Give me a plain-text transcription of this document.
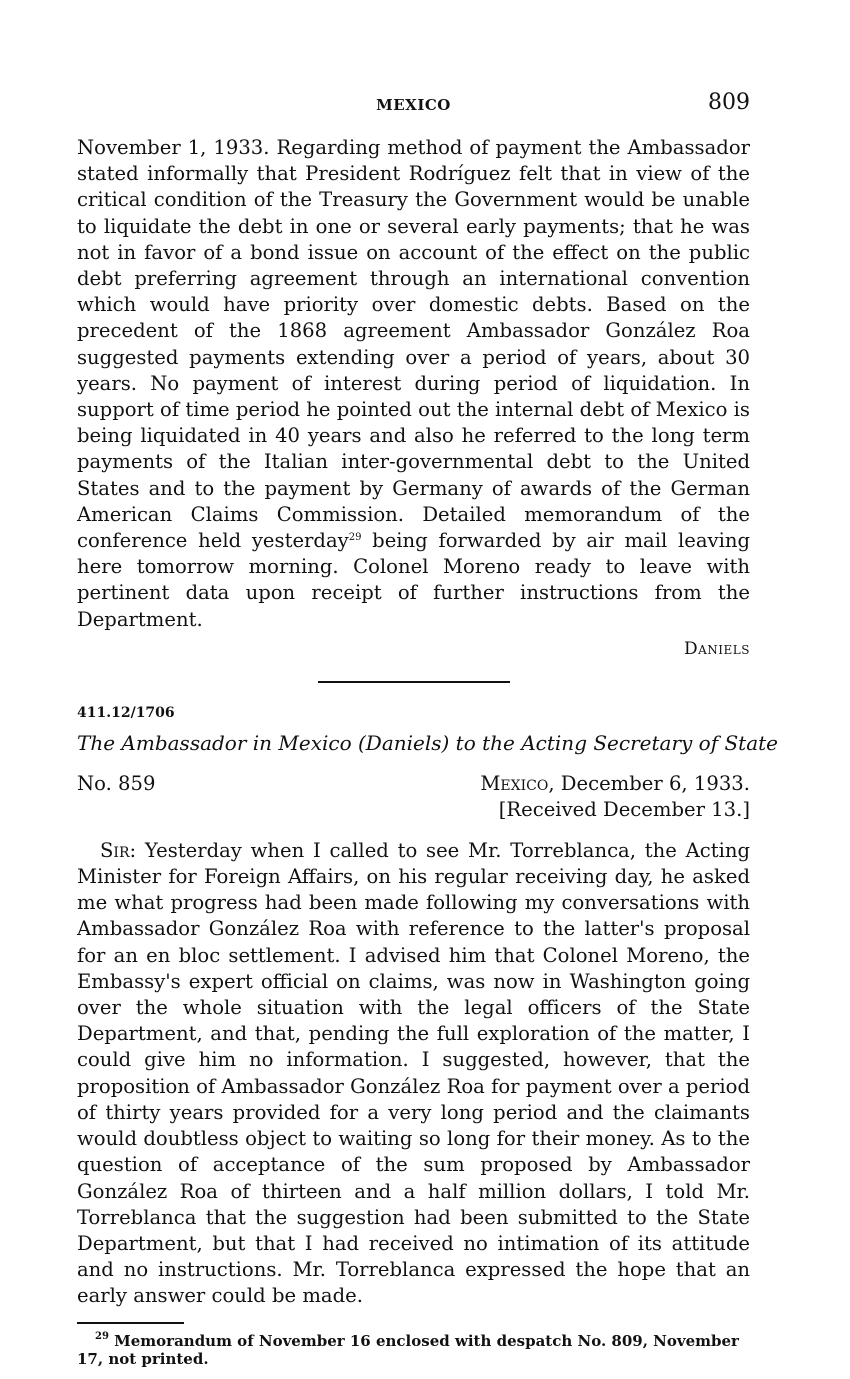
MEXICO	809

November 1, 1933. Regarding method of payment the Ambassador stated informally that President Rodríguez felt that in view of the critical condition of the Treasury the Government would be unable to liquidate the debt in one or several early payments; that he was not in favor of a bond issue on account of the effect on the public debt preferring agreement through an international convention which would have priority over domestic debts. Based on the precedent of the 1868 agreement Ambassador González Roa suggested payments extending over a period of years, about 30 years. No payment of interest during period of liquidation. In support of time period he pointed out the internal debt of Mexico is being liquidated in 40 years and also he referred to the long term payments of the Italian inter-governmental debt to the United States and to the payment by Germany of awards of the German American Claims Commission. Detailed memorandum of the conference held yesterday$^{29}$ being forwarded by air mail leaving here tomorrow morning. Colonel Moreno ready to leave with pertinent data upon receipt of further instructions from the Department.

Daniels
411.12/1706
The Ambassador in Mexico (Daniels) to the Acting Secretary of State
No. 859	Mexico, December 6, 1933.
[Received December 13.]

Sir: Yesterday when I called to see Mr. Torreblanca, the Acting Minister for Foreign Affairs, on his regular receiving day, he asked me what progress had been made following my conversations with Ambassador González Roa with reference to the latter's proposal for an en bloc settlement. I advised him that Colonel Moreno, the Embassy's expert official on claims, was now in Washington going over the whole situation with the legal officers of the State Department, and that, pending the full exploration of the matter, I could give him no information. I suggested, however, that the proposition of Ambassador González Roa for payment over a period of thirty years provided for a very long period and the claimants would doubtless object to waiting so long for their money. As to the question of acceptance of the sum proposed by Ambassador González Roa of thirteen and a half million dollars, I told Mr. Torreblanca that the suggestion had been submitted to the State Department, but that I had received no intimation of its attitude and no instructions. Mr. Torreblanca expressed the hope that an early answer could be made.

$^{29}$ Memorandum of November 16 enclosed with despatch No. 809, November 17, not printed.
